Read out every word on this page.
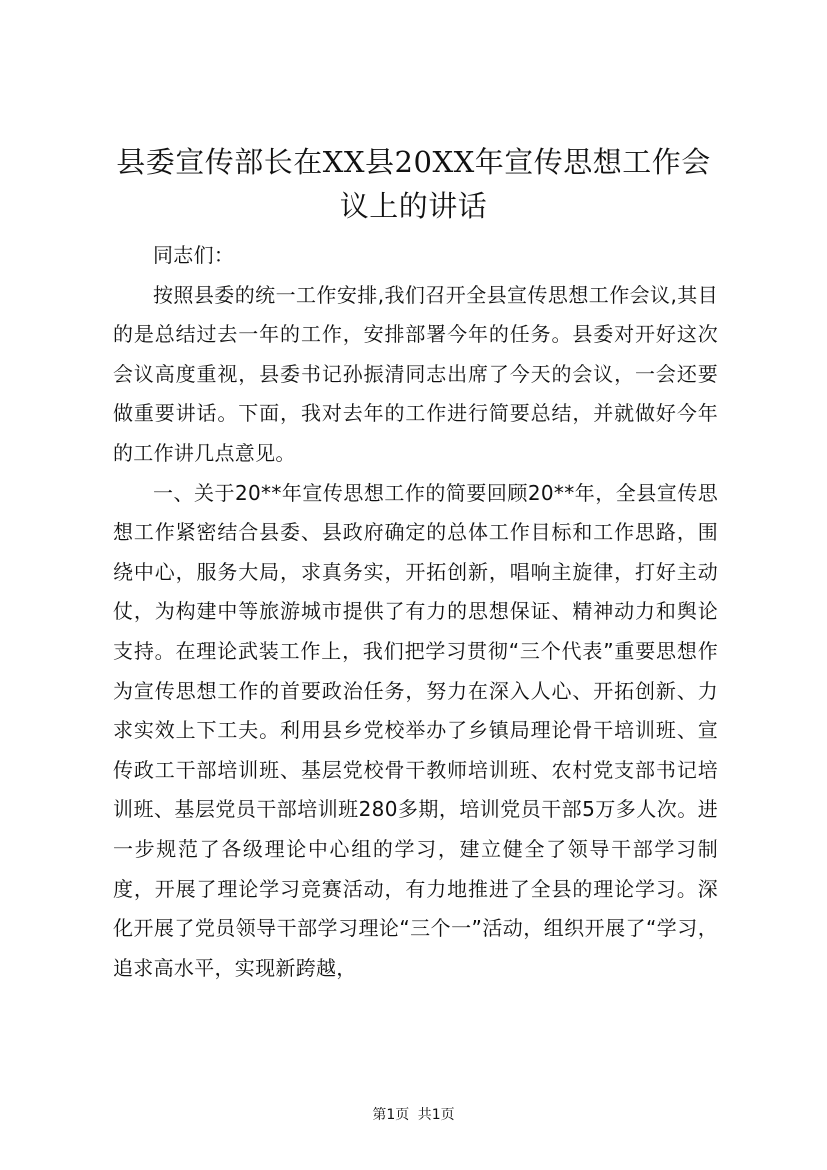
县委宣传部长在XX县20XX年宣传思想工作会
议上的讲话

同志们：

按照县委的统一工作安排,我们召开全县宣传思想工作会议,其目的是总结过去一年的工作，安排部署今年的任务。县委对开好这次会议高度重视，县委书记孙振清同志出席了今天的会议，一会还要做重要讲话。下面，我对去年的工作进行简要总结，并就做好今年的工作讲几点意见。

一、关于20**年宣传思想工作的简要回顾20**年，全县宣传思想工作紧密结合县委、县政府确定的总体工作目标和工作思路，围绕中心，服务大局，求真务实，开拓创新，唱响主旋律，打好主动仗，为构建中等旅游城市提供了有力的思想保证、精神动力和舆论支持。在理论武装工作上，我们把学习贯彻“三个代表”重要思想作为宣传思想工作的首要政治任务，努力在深入人心、开拓创新、力求实效上下工夫。利用县乡党校举办了乡镇局理论骨干培训班、宣传政工干部培训班、基层党校骨干教师培训班、农村党支部书记培训班、基层党员干部培训班280多期，培训党员干部5万多人次。进一步规范了各级理论中心组的学习，建立健全了领导干部学习制度，开展了理论学习竞赛活动，有力地推进了全县的理论学习。深化开展了党员领导干部学习理论“三个一”活动，组织开展了“学习，追求高水平，实现新跨越，

第1页 共1页
